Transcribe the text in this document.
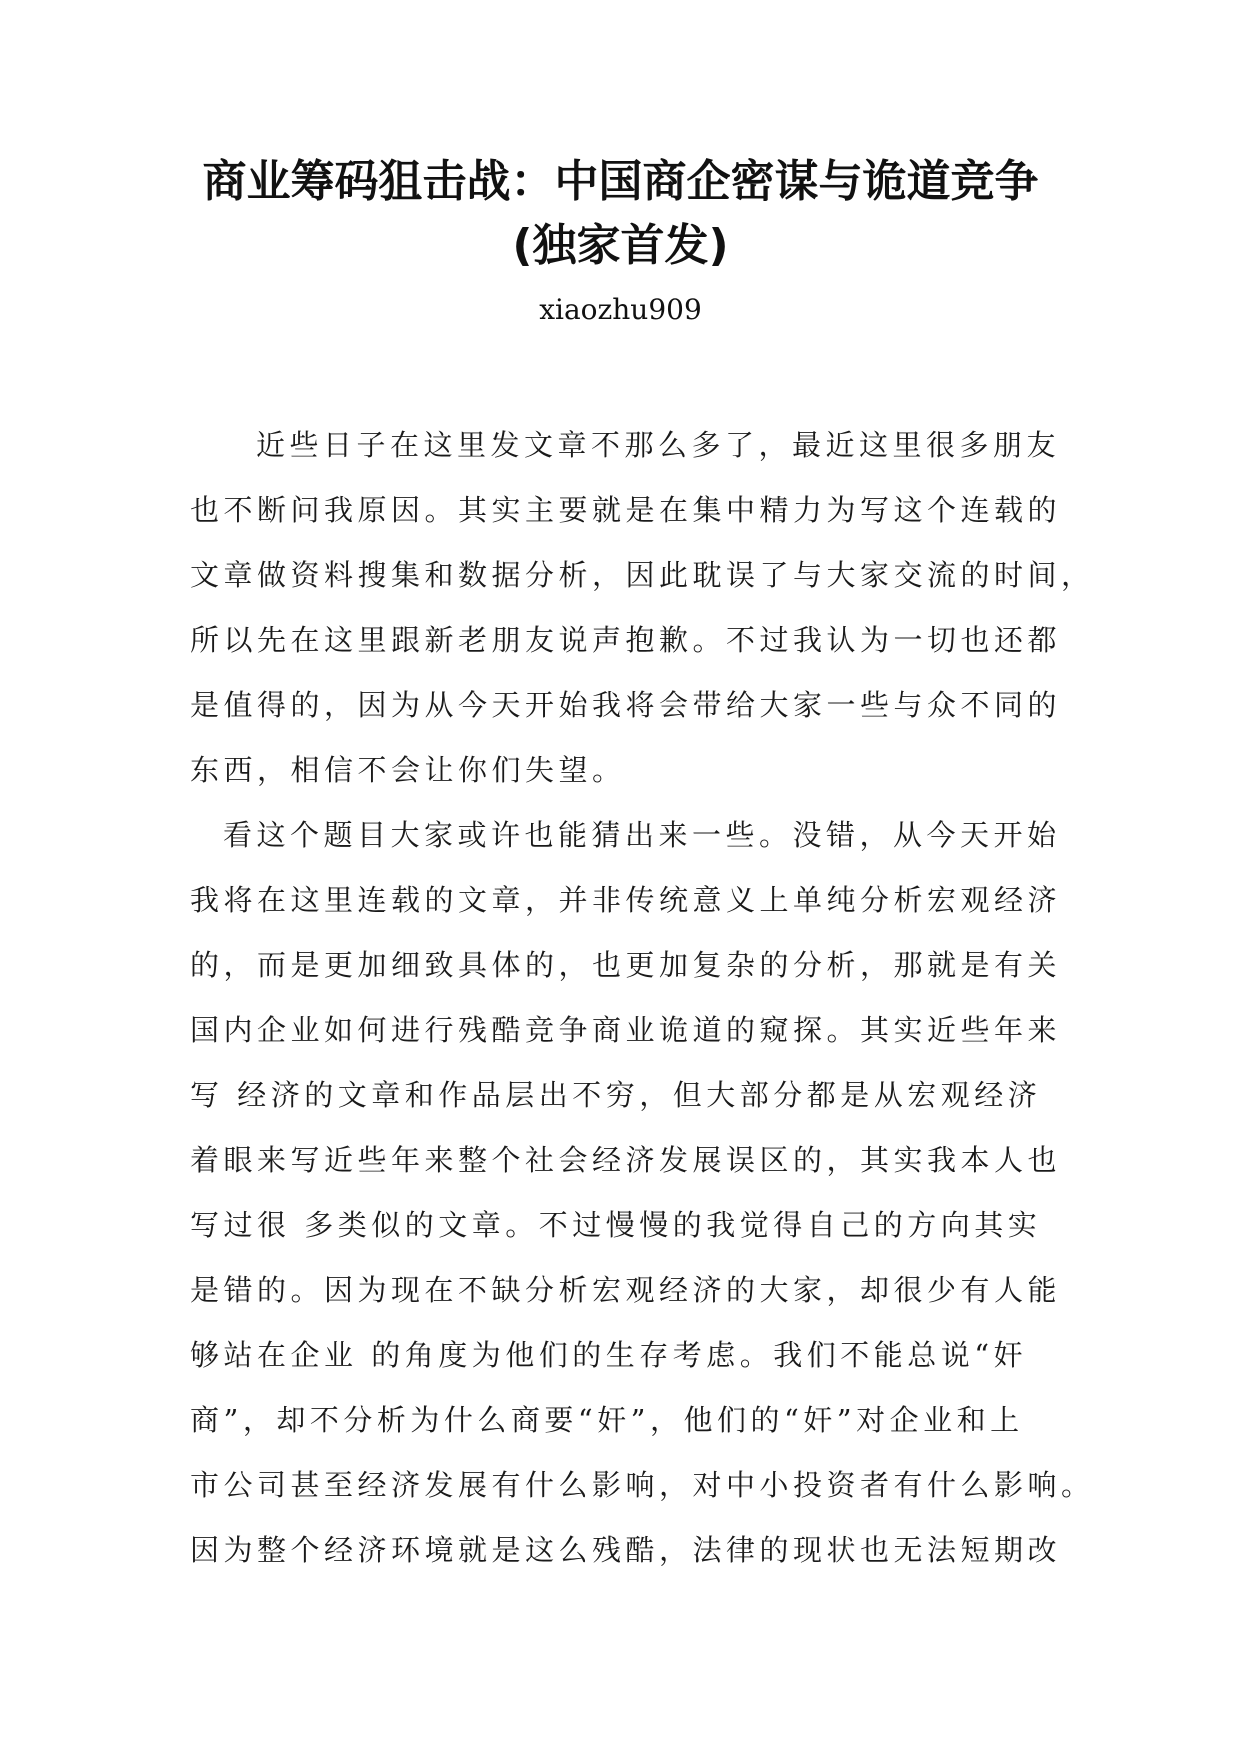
商业筹码狙击战：中国商企密谋与诡道竞争
(独家首发)

xiaozhu909

近些日子在这里发文章不那么多了，最近这里很多朋友

也不断问我原因。其实主要就是在集中精力为写这个连载的

文章做资料搜集和数据分析，因此耽误了与大家交流的时间，

所以先在这里跟新老朋友说声抱歉。不过我认为一切也还都

是值得的，因为从今天开始我将会带给大家一些与众不同的

东西，相信不会让你们失望。

看这个题目大家或许也能猜出来一些。没错，从今天开始

我将在这里连载的文章，并非传统意义上单纯分析宏观经济

的，而是更加细致具体的，也更加复杂的分析，那就是有关

国内企业如何进行残酷竞争商业诡道的窥探。其实近些年来

写 经济的文章和作品层出不穷，但大部分都是从宏观经济

着眼来写近些年来整个社会经济发展误区的，其实我本人也

写过很 多类似的文章。不过慢慢的我觉得自己的方向其实

是错的。因为现在不缺分析宏观经济的大家，却很少有人能

够站在企业 的角度为他们的生存考虑。我们不能总说“奸

商”，却不分析为什么商要“奸”，他们的“奸”对企业和上

市公司甚至经济发展有什么影响，对中小投资者有什么影响。

因为整个经济环境就是这么残酷，法律的现状也无法短期改
